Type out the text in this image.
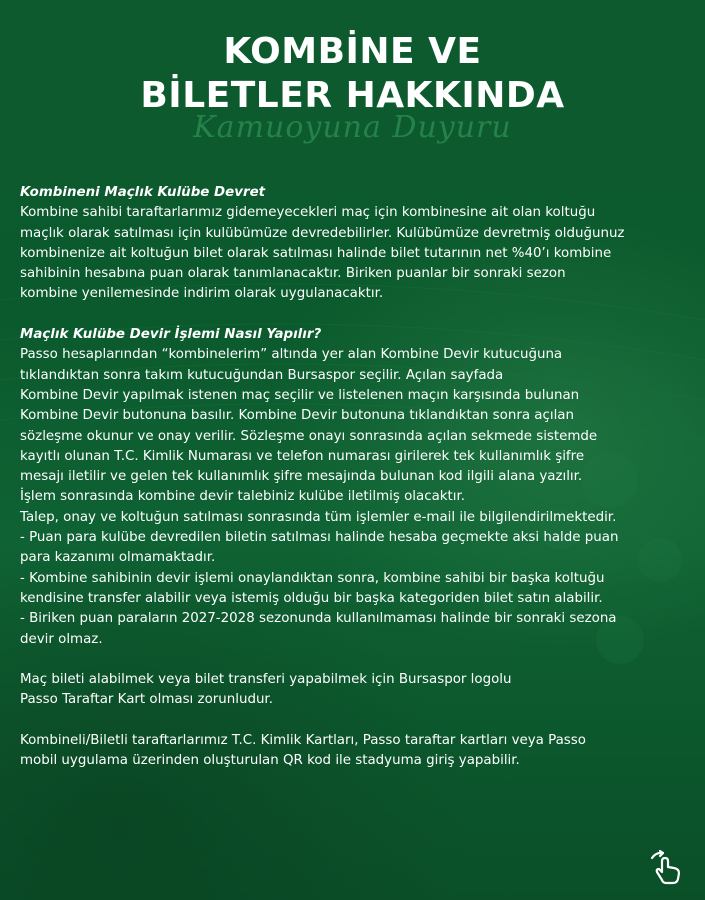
KOMBİNE VE
BİLETLER HAKKINDA
Kamuoyuna Duyuru

Kombineni Maçlık Kulübe Devret

Kombine sahibi taraftarlarımız gidemeyecekleri maç için kombinesine ait olan koltuğu

maçlık olarak satılması için kulübümüze devredebilirler. Kulübümüze devretmiş olduğunuz

kombinenize ait koltuğun bilet olarak satılması halinde bilet tutarının net %40’ı kombine

sahibinin hesabına puan olarak tanımlanacaktır. Biriken puanlar bir sonraki sezon

kombine yenilemesinde indirim olarak uygulanacaktır.

Maçlık Kulübe Devir İşlemi Nasıl Yapılır?

Passo hesaplarından “kombinelerim” altında yer alan Kombine Devir kutucuğuna

tıklandıktan sonra takım kutucuğundan Bursaspor seçilir. Açılan sayfada

Kombine Devir yapılmak istenen maç seçilir ve listelenen maçın karşısında bulunan

Kombine Devir butonuna basılır. Kombine Devir butonuna tıklandıktan sonra açılan

sözleşme okunur ve onay verilir. Sözleşme onayı sonrasında açılan sekmede sistemde

kayıtlı olunan T.C. Kimlik Numarası ve telefon numarası girilerek tek kullanımlık şifre

mesajı iletilir ve gelen tek kullanımlık şifre mesajında bulunan kod ilgili alana yazılır.

İşlem sonrasında kombine devir talebiniz kulübe iletilmiş olacaktır.

Talep, onay ve koltuğun satılması sonrasında tüm işlemler e-mail ile bilgilendirilmektedir.

- Puan para kulübe devredilen biletin satılması halinde hesaba geçmekte aksi halde puan

para kazanımı olmamaktadır.

- Kombine sahibinin devir işlemi onaylandıktan sonra, kombine sahibi bir başka koltuğu

kendisine transfer alabilir veya istemiş olduğu bir başka kategoriden bilet satın alabilir.

- Biriken puan paraların 2027-2028 sezonunda kullanılmaması halinde bir sonraki sezona

devir olmaz.

Maç bileti alabilmek veya bilet transferi yapabilmek için Bursaspor logolu

Passo Taraftar Kart olması zorunludur.

Kombineli/Biletli taraftarlarımız T.C. Kimlik Kartları, Passo taraftar kartları veya Passo

mobil uygulama üzerinden oluşturulan QR kod ile stadyuma giriş yapabilir.
